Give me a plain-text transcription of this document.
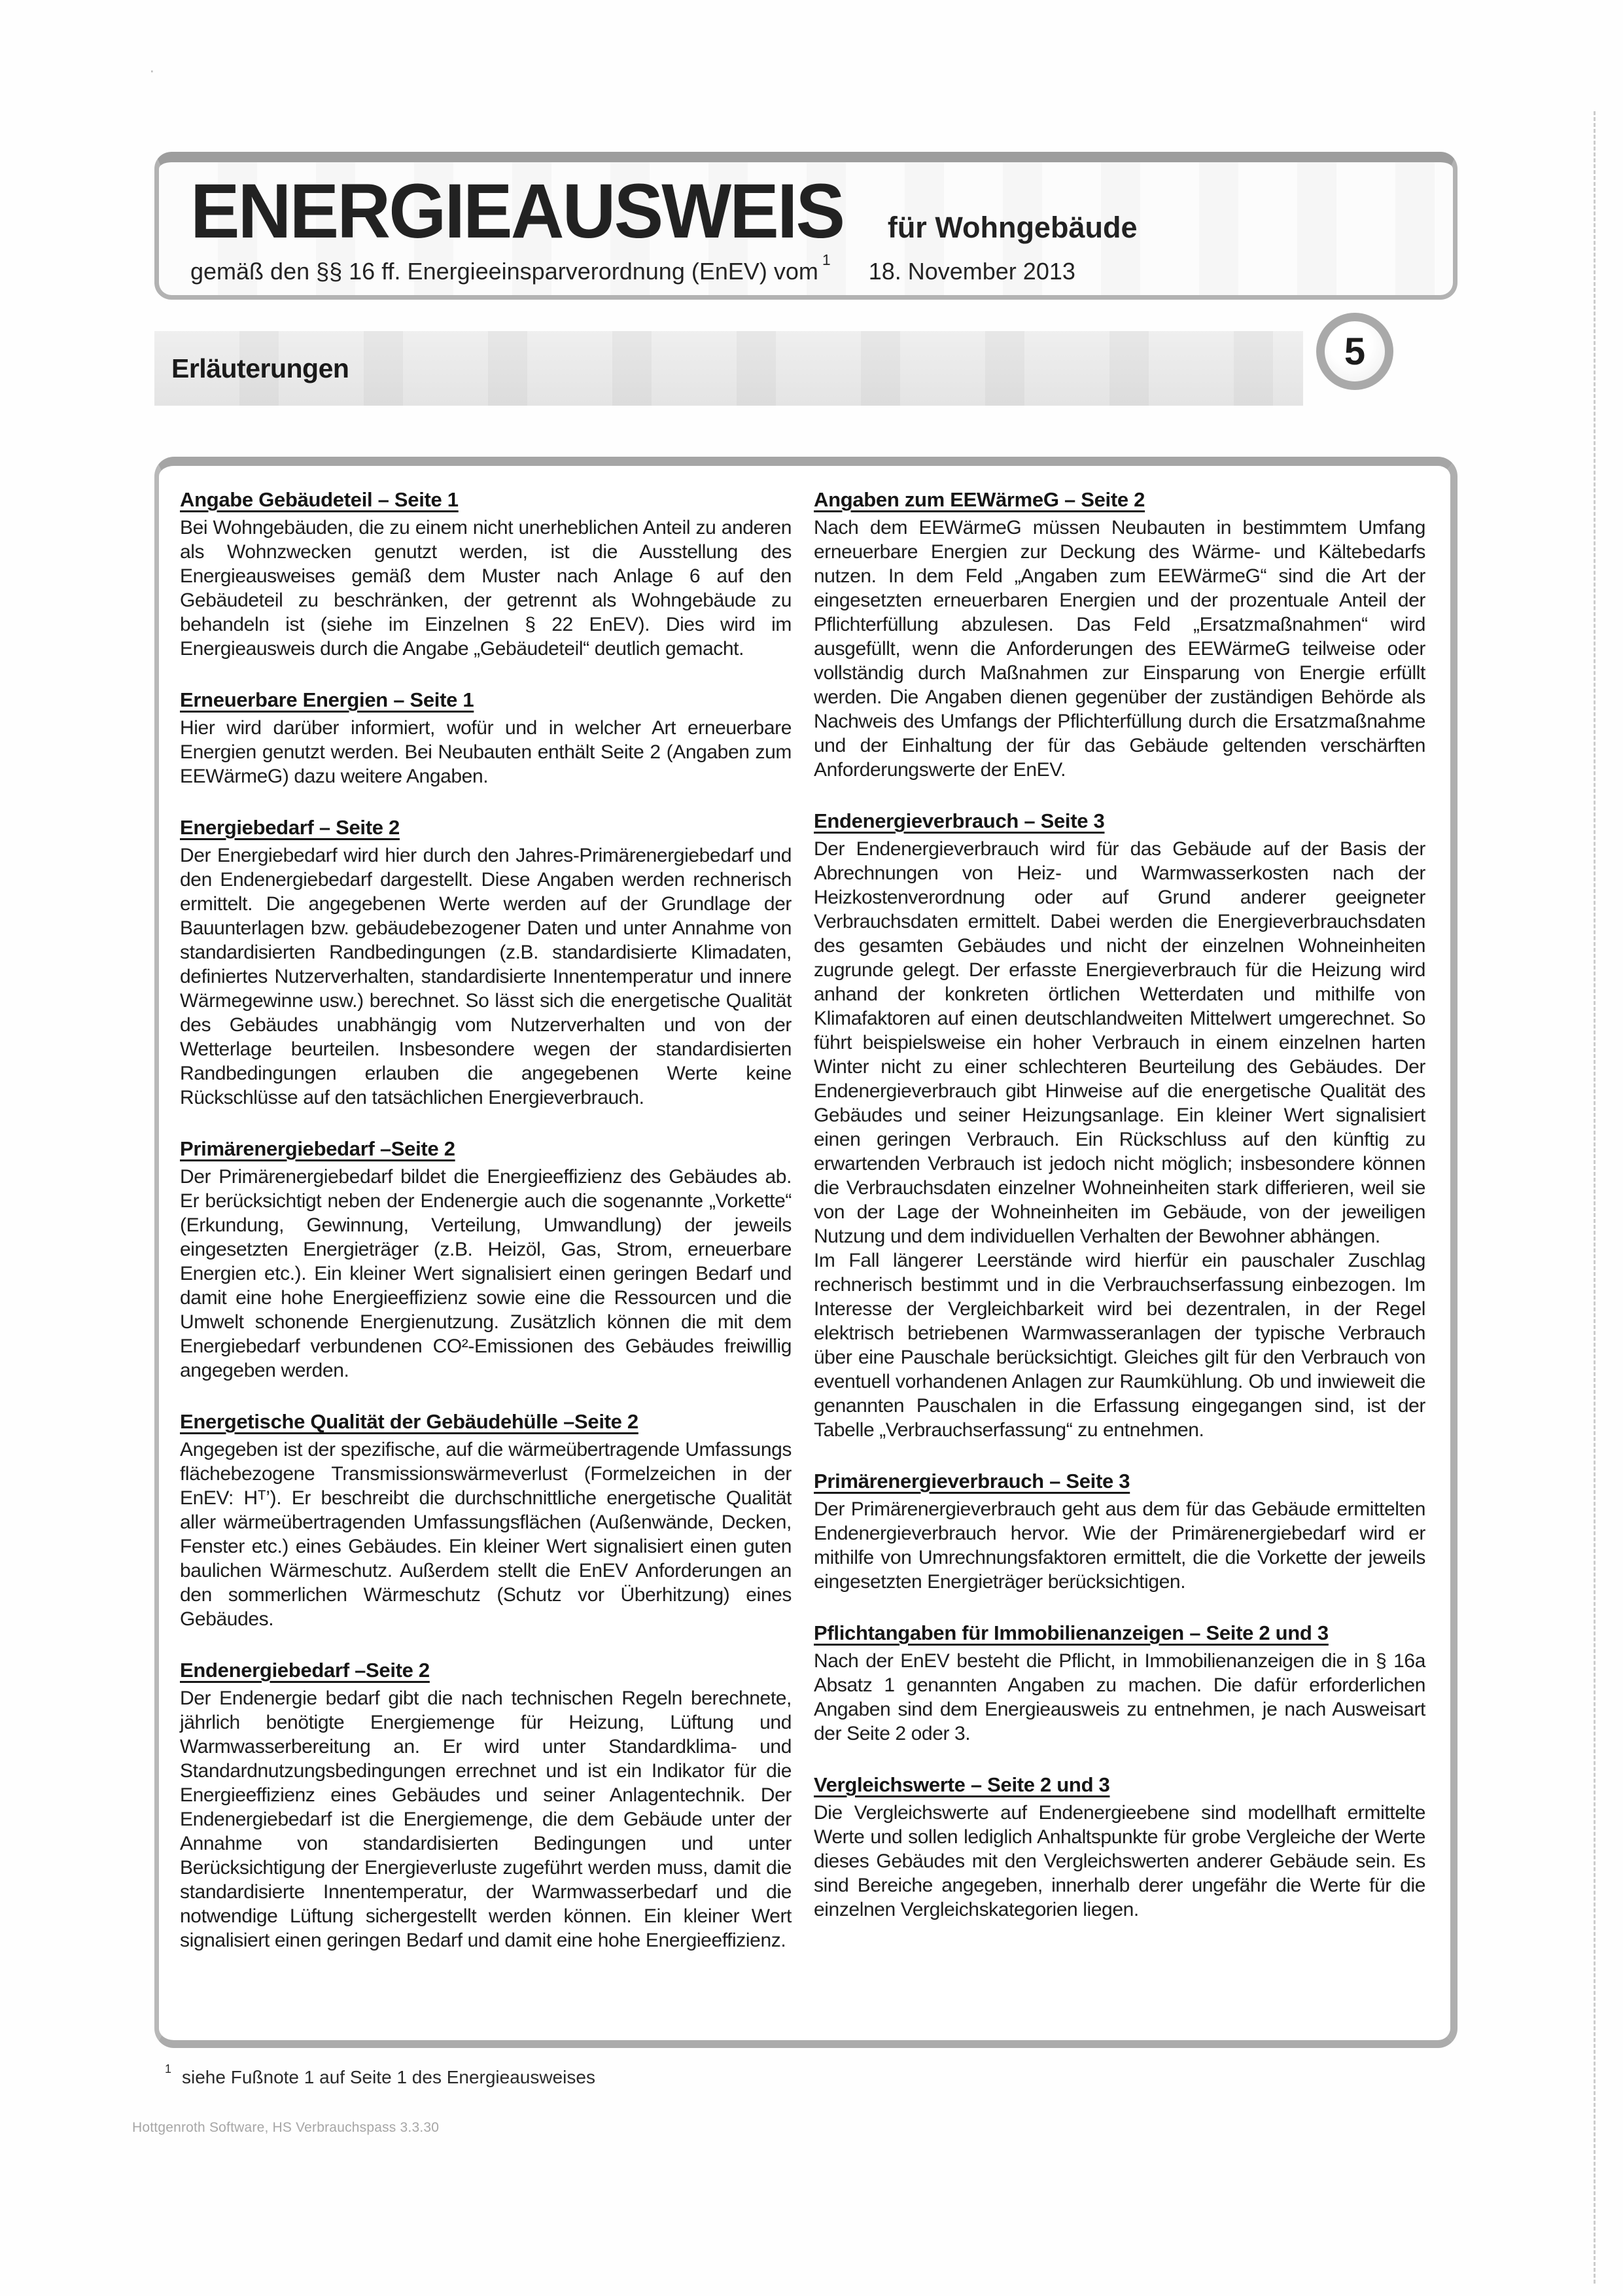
·
ENERGIEAUSWEIS für Wohngebäude
gemäß den §§ 16 ff. Energieeinsparverordnung (EnEV) vom $^1$ 18. November 2013
Erläuterungen	5
Angabe Gebäudeteil – Seite 1

Bei Wohngebäuden, die zu einem nicht unerheblichen Anteil zu anderen als Wohnzwecken genutzt werden, ist die Ausstellung des Energieausweises gemäß dem Muster nach Anlage 6 auf den Gebäudeteil zu beschränken, der getrennt als Wohngebäude zu behandeln ist (siehe im Einzelnen § 22 EnEV). Dies wird im Energieausweis durch die Angabe „Gebäudeteil“ deutlich gemacht.

Erneuerbare Energien – Seite 1

Hier wird darüber informiert, wofür und in welcher Art erneuerbare Energien genutzt werden. Bei Neubauten enthält Seite 2 (Angaben zum EEWärmeG) dazu weitere Angaben.

Energiebedarf – Seite 2

Der Energiebedarf wird hier durch den Jahres-Primärenergiebedarf und den Endenergiebedarf dargestellt. Diese Angaben werden rechnerisch ermittelt. Die angegebenen Werte werden auf der Grundlage der Bauunterlagen bzw. gebäudebezogener Daten und unter Annahme von standardisierten Randbedingungen (z.B. standardisierte Klimadaten, definiertes Nutzerverhalten, standardisierte Innentemperatur und innere Wärmegewinne usw.) berechnet. So lässt sich die energetische Qualität des Gebäudes unabhängig vom Nutzerverhalten und von der Wetterlage beurteilen. Insbesondere wegen der standardisierten Randbedingungen erlauben die angegebenen Werte keine Rückschlüsse auf den tatsächlichen Energieverbrauch.

Primärenergiebedarf –Seite 2

Der Primärenergiebedarf bildet die Energieeffizienz des Gebäudes ab. Er berücksichtigt neben der Endenergie auch die sogenannte „Vorkette“ (Erkundung, Gewinnung, Verteilung, Umwandlung) der jeweils eingesetzten Energieträger (z.B. Heizöl, Gas, Strom, erneuerbare Energien etc.). Ein kleiner Wert signalisiert einen geringen Bedarf und damit eine hohe Energieeffizienz sowie eine die Ressourcen und die Umwelt schonende Energienutzung. Zusätzlich können die mit dem Energiebedarf verbundenen CO²-Emissionen des Gebäudes freiwillig angegeben werden.

Energetische Qualität der Gebäudehülle –Seite 2

Angegeben ist der spezifische, auf die wärmeübertragende Umfassungs flächebezogene Transmissionswärmeverlust (Formelzeichen in der EnEV: Hᵀ’). Er beschreibt die durchschnittliche energetische Qualität aller wärmeübertragenden Umfassungsflächen (Außenwände, Decken, Fenster etc.) eines Gebäudes. Ein kleiner Wert signalisiert einen guten baulichen Wärmeschutz. Außerdem stellt die EnEV Anforderungen an den sommerlichen Wärmeschutz (Schutz vor Überhitzung) eines Gebäudes.

Endenergiebedarf –Seite 2

Der Endenergie bedarf gibt die nach technischen Regeln berechnete, jährlich benötigte Energiemenge für Heizung, Lüftung und Warmwasserbereitung an. Er wird unter Standardklima- und Standardnutzungsbedingungen errechnet und ist ein Indikator für die Energieeffizienz eines Gebäudes und seiner Anlagentechnik. Der Endenergiebedarf ist die Energiemenge, die dem Gebäude unter der Annahme von standardisierten Bedingungen und unter Berücksichtigung der Energieverluste zugeführt werden muss, damit die standardisierte Innentemperatur, der Warmwasserbedarf und die notwendige Lüftung sichergestellt werden können. Ein kleiner Wert signalisiert einen geringen Bedarf und damit eine hohe Energieeffizienz.

Angaben zum EEWärmeG – Seite 2

Nach dem EEWärmeG müssen Neubauten in bestimmtem Umfang erneuerbare Energien zur Deckung des Wärme- und Kältebedarfs nutzen. In dem Feld „Angaben zum EEWärmeG“ sind die Art der eingesetzten erneuerbaren Energien und der prozentuale Anteil der Pflichterfüllung abzulesen. Das Feld „Ersatzmaßnahmen“ wird ausgefüllt, wenn die Anforderungen des EEWärmeG teilweise oder vollständig durch Maßnahmen zur Einsparung von Energie erfüllt werden. Die Angaben dienen gegenüber der zuständigen Behörde als Nachweis des Umfangs der Pflichterfüllung durch die Ersatzmaßnahme und der Einhaltung der für das Gebäude geltenden verschärften Anforderungswerte der EnEV.

Endenergieverbrauch – Seite 3

Der Endenergieverbrauch wird für das Gebäude auf der Basis der Abrechnungen von Heiz- und Warmwasserkosten nach der Heizkostenverordnung oder auf Grund anderer geeigneter Verbrauchsdaten ermittelt. Dabei werden die Energieverbrauchsdaten des gesamten Gebäudes und nicht der einzelnen Wohneinheiten zugrunde gelegt. Der erfasste Energieverbrauch für die Heizung wird anhand der konkreten örtlichen Wetterdaten und mithilfe von Klimafaktoren auf einen deutschlandweiten Mittelwert umgerechnet. So führt beispielsweise ein hoher Verbrauch in einem einzelnen harten Winter nicht zu einer schlechteren Beurteilung des Gebäudes. Der Endenergieverbrauch gibt Hinweise auf die energetische Qualität des Gebäudes und seiner Heizungsanlage. Ein kleiner Wert signalisiert einen geringen Verbrauch. Ein Rückschluss auf den künftig zu erwartenden Verbrauch ist jedoch nicht möglich; insbesondere können die Verbrauchsdaten einzelner Wohneinheiten stark differieren, weil sie von der Lage der Wohneinheiten im Gebäude, von der jeweiligen Nutzung und dem individuellen Verhalten der Bewohner abhängen.

Im Fall längerer Leerstände wird hierfür ein pauschaler Zuschlag rechnerisch bestimmt und in die Verbrauchserfassung einbezogen. Im Interesse der Vergleichbarkeit wird bei dezentralen, in der Regel elektrisch betriebenen Warmwasseranlagen der typische Verbrauch über eine Pauschale berücksichtigt. Gleiches gilt für den Verbrauch von eventuell vorhandenen Anlagen zur Raumkühlung. Ob und inwieweit die genannten Pauschalen in die Erfassung eingegangen sind, ist der Tabelle „Verbrauchserfassung“ zu entnehmen.

Primärenergieverbrauch – Seite 3

Der Primärenergieverbrauch geht aus dem für das Gebäude ermittelten Endenergieverbrauch hervor. Wie der Primärenergiebedarf wird er mithilfe von Umrechnungsfaktoren ermittelt, die die Vorkette der jeweils eingesetzten Energieträger berücksichtigen.

Pflichtangaben für Immobilienanzeigen – Seite 2 und 3

Nach der EnEV besteht die Pflicht, in Immobilienanzeigen die in § 16a Absatz 1 genannten Angaben zu machen. Die dafür erforderlichen Angaben sind dem Energieausweis zu entnehmen, je nach Ausweisart der Seite 2 oder 3.

Vergleichswerte – Seite 2 und 3

Die Vergleichswerte auf Endenergieebene sind modellhaft ermittelte Werte und sollen lediglich Anhaltspunkte für grobe Vergleiche der Werte dieses Gebäudes mit den Vergleichswerten anderer Gebäude sein. Es sind Bereiche angegeben, innerhalb derer ungefähr die Werte für die einzelnen Vergleichskategorien liegen.

$^1$ siehe Fußnote 1 auf Seite 1 des Energieausweises
Hottgenroth Software, HS Verbrauchspass 3.3.30
